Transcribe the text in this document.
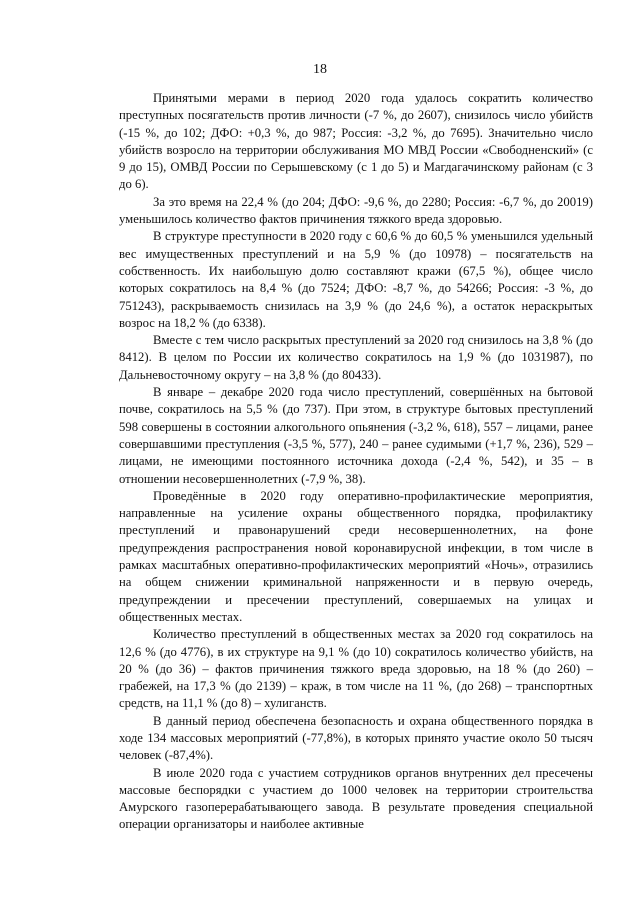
18

Принятыми мерами в период 2020 года удалось сократить количество преступных посягательств против личности (-7 %, до 2607), снизилось число убийств (-15 %, до 102; ДФО: +0,3 %, до 987; Россия: -3,2 %, до 7695). Значительно число убийств возросло на территории обслуживания МО МВД России «Свободненский» (с 9 до 15), ОМВД России по Серышевскому (с 1 до 5) и Магдагачинскому районам (с 3 до 6).

За это время на 22,4 % (до 204; ДФО: -9,6 %, до 2280; Россия: -6,7 %, до 20019) уменьшилось количество фактов причинения тяжкого вреда здоровью.

В структуре преступности в 2020 году с 60,6 % до 60,5 % уменьшился удельный вес имущественных преступлений и на 5,9 % (до 10978) – посягательств на собственность. Их наибольшую долю составляют кражи (67,5 %), общее число которых сократилось на 8,4 % (до 7524; ДФО: -8,7 %, до 54266; Россия: -3 %, до 751243), раскрываемость снизилась на 3,9 % (до 24,6 %), а остаток нераскрытых возрос на 18,2 % (до 6338).

Вместе с тем число раскрытых преступлений за 2020 год снизилось на 3,8 % (до 8412). В целом по России их количество сократилось на 1,9 % (до 1031987), по Дальневосточному округу – на 3,8 % (до 80433).

В январе – декабре 2020 года число преступлений, совершённых на бытовой почве, сократилось на 5,5 % (до 737). При этом, в структуре бытовых преступлений 598 совершены в состоянии алкогольного опьянения (-3,2 %, 618), 557 – лицами, ранее совершавшими преступления (-3,5 %, 577), 240 – ранее судимыми (+1,7 %, 236), 529 – лицами, не имеющими постоянного источника дохода (-2,4 %, 542), и 35 – в отношении несовершеннолетних (-7,9 %, 38).

Проведённые в 2020 году оперативно-профилактические мероприятия, направленные на усиление охраны общественного порядка, профилактику преступлений и правонарушений среди несовершеннолетних, на фоне предупреждения распространения новой коронавирусной инфекции, в том числе в рамках масштабных оперативно-профилактических мероприятий «Ночь», отразились на общем снижении криминальной напряженности и в первую очередь, предупреждении и пресечении преступлений, совершаемых на улицах и общественных местах.

Количество преступлений в общественных местах за 2020 год сократилось на 12,6 % (до 4776), в их структуре на 9,1 % (до 10) сократилось количество убийств, на 20 % (до 36) – фактов причинения тяжкого вреда здоровью, на 18 % (до 260) – грабежей, на 17,3 % (до 2139) – краж, в том числе на 11 %, (до 268) – транспортных средств, на 11,1 % (до 8) – хулиганств.

В данный период обеспечена безопасность и охрана общественного порядка в ходе 134 массовых мероприятий (-77,8%), в которых принято участие около 50 тысяч человек (-87,4%).

В июле 2020 года с участием сотрудников органов внутренних дел пресечены массовые беспорядки с участием до 1000 человек на территории строительства Амурского газоперерабатывающего завода. В результате проведения специальной операции организаторы и наиболее активные
